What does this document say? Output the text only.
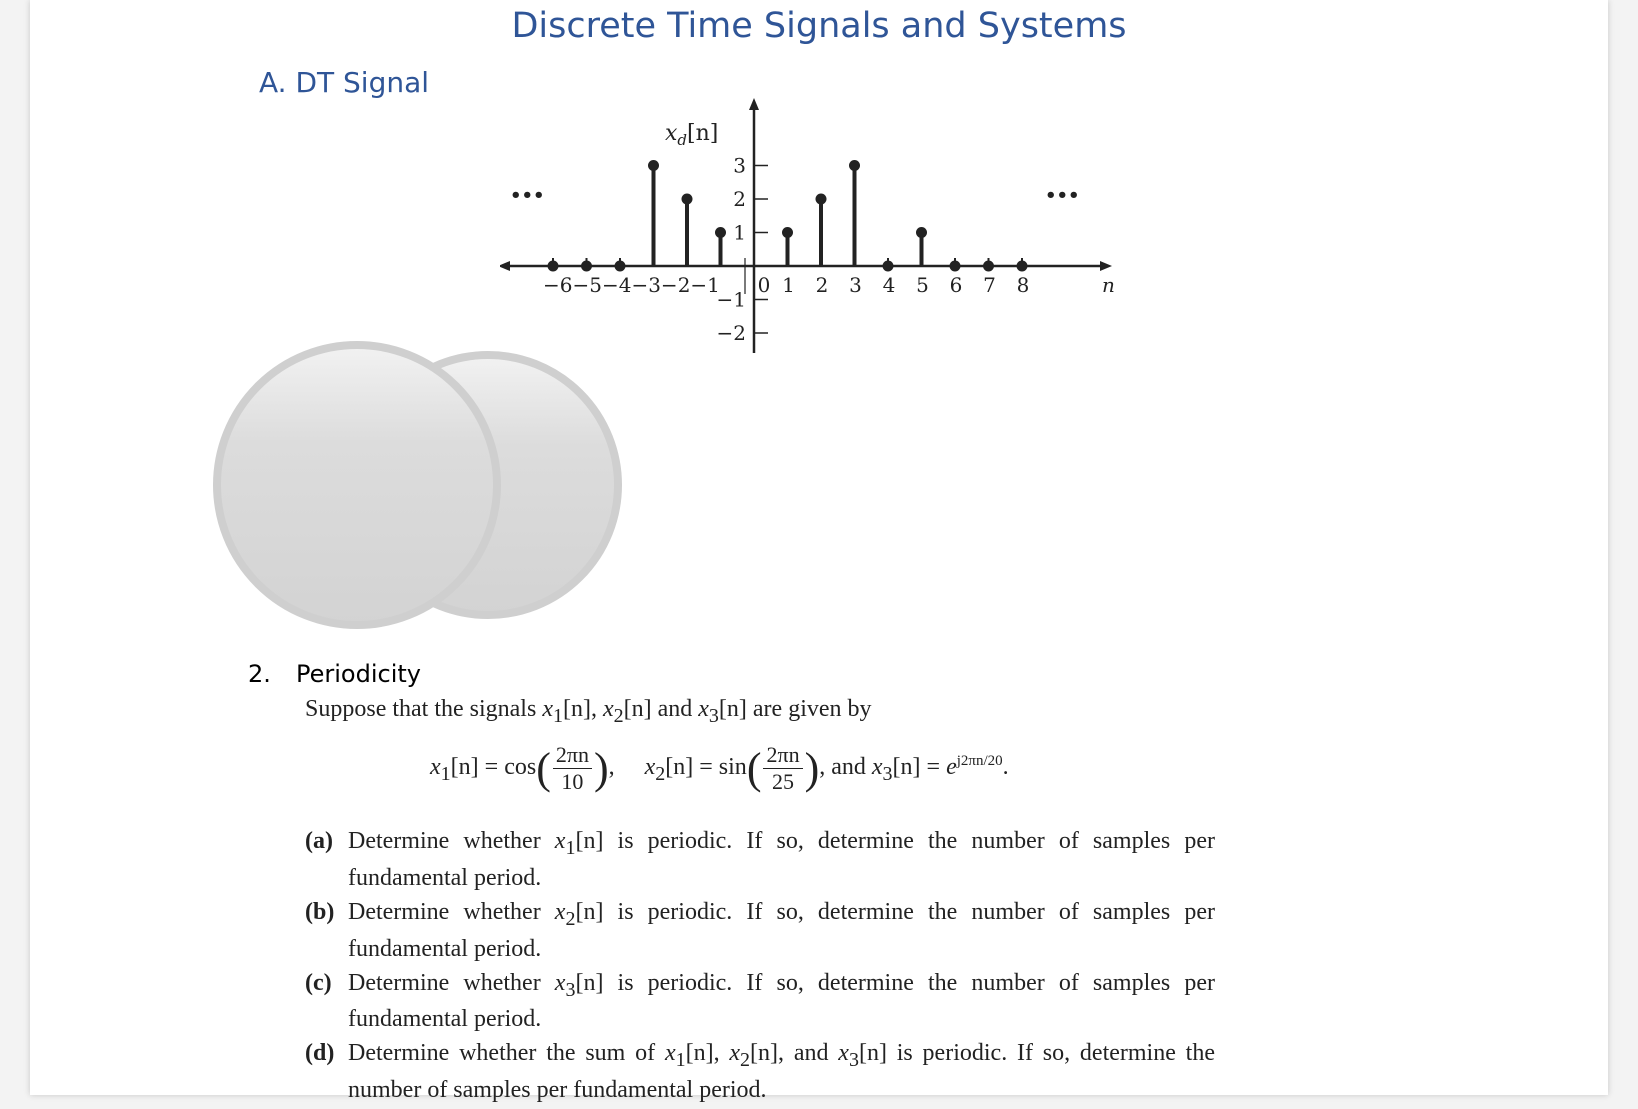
Discrete Time Signals and Systems
A. DT Signal
3
2
1
−1
−2
0 1 2 3 4 5 6 7 8
$x_d[n]$
•••	•••
−6−5−4−3−2−1	n
2. Periodicity
Suppose that the signals $x_1[n]$, $x_2[n]$ and $x_3[n]$ are given by
$x_1[n] = \cos( \frac{2\pi n}{10}$ ), $x_2[n] = \sin( \frac{2\pi n}{25}$ ), and $x_3[n] = e^{j2\pi n/20}$.
(a) Determine whether $x_1[n]$ is periodic. If so, determine the number of samples per fundamental period.
(b) Determine whether $x_2[n]$ is periodic. If so, determine the number of samples per fundamental period.
(c) Determine whether $x_3[n]$ is periodic. If so, determine the number of samples per fundamental period.
(d) Determine whether the sum of $x_1[n]$, $x_2[n]$, and $x_3[n]$ is periodic. If so, determine the number of samples per fundamental period.
